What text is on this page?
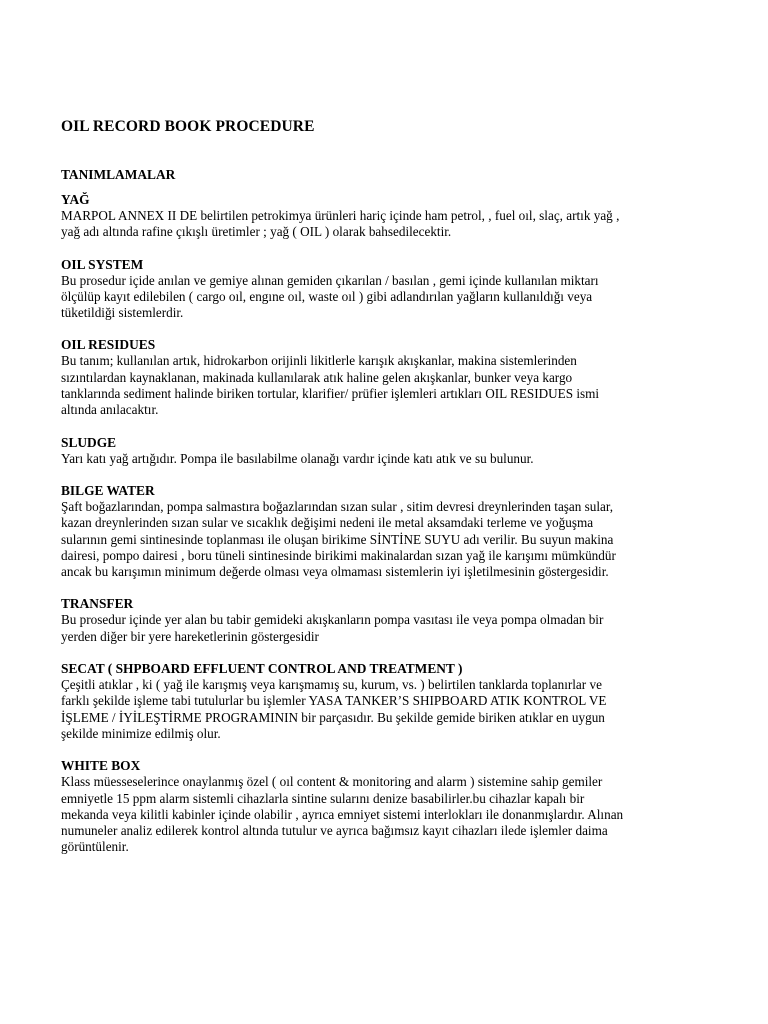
OIL RECORD BOOK PROCEDURE
TANIMLAMALAR
YAĞ
MARPOL ANNEX II DE belirtilen petrokimya ürünleri hariç içinde ham petrol, , fuel oıl, slaç, artık yağ ,
yağ adı altında rafine çıkışlı üretimler ; yağ ( OIL ) olarak bahsedilecektir.
OIL SYSTEM
Bu prosedur içide anılan ve gemiye alınan gemiden çıkarılan / basılan , gemi içinde kullanılan miktarı
ölçülüp kayıt edilebilen ( cargo oıl, engıne oıl, waste oıl ) gibi adlandırılan yağların kullanıldığı veya
tüketildiği sistemlerdir.
OIL RESIDUES
Bu tanım; kullanılan artık, hidrokarbon orijinli likitlerle karışık akışkanlar, makina sistemlerinden
sızıntılardan kaynaklanan, makinada kullanılarak atık haline gelen akışkanlar, bunker veya kargo
tanklarında sediment halinde biriken tortular, klarifier/ prüfier işlemleri artıkları OIL RESIDUES ismi
altında anılacaktır.
SLUDGE
Yarı katı yağ artığıdır. Pompa ile basılabilme olanağı vardır içinde katı atık ve su bulunur.
BILGE WATER
Şaft boğazlarından, pompa salmastıra boğazlarından sızan sular , sitim devresi dreynlerinden taşan sular,
kazan dreynlerinden sızan sular ve sıcaklık değişimi nedeni ile metal aksamdaki terleme ve yoğuşma
sularının gemi sintinesinde toplanması ile oluşan birikime SİNTİNE SUYU adı verilir. Bu suyun makina
dairesi, pompo dairesi , boru tüneli sintinesinde birikimi makinalardan sızan yağ ile karışımı mümkündür
ancak bu karışımın minimum değerde olması veya olmaması sistemlerin iyi işletilmesinin göstergesidir.
TRANSFER
Bu prosedur içinde yer alan bu tabir gemideki akışkanların pompa vasıtası ile veya pompa olmadan bir
yerden diğer bir yere hareketlerinin göstergesidir
SECAT ( SHPBOARD EFFLUENT CONTROL AND TREATMENT )
Çeşitli atıklar , ki ( yağ ile karışmış veya karışmamış su, kurum, vs. ) belirtilen tanklarda toplanırlar ve
farklı şekilde işleme tabi tutulurlar bu işlemler YASA TANKER’S SHIPBOARD ATIK KONTROL VE
İŞLEME / İYİLEŞTİRME PROGRAMININ bir parçasıdır. Bu şekilde gemide biriken atıklar en uygun
şekilde minimize edilmiş olur.
WHITE BOX
Klass müesseselerince onaylanmış özel ( oıl content & monitoring and alarm ) sistemine sahip gemiler
emniyetle 15 ppm alarm sistemli cihazlarla sintine sularını denize basabilirler.bu cihazlar kapalı bir
mekanda veya kilitli kabinler içinde olabilir , ayrıca emniyet sistemi interlokları ile donanmışlardır. Alınan
numuneler analiz edilerek kontrol altında tutulur ve ayrıca bağımsız kayıt cihazları ilede işlemler daima
görüntülenir.
